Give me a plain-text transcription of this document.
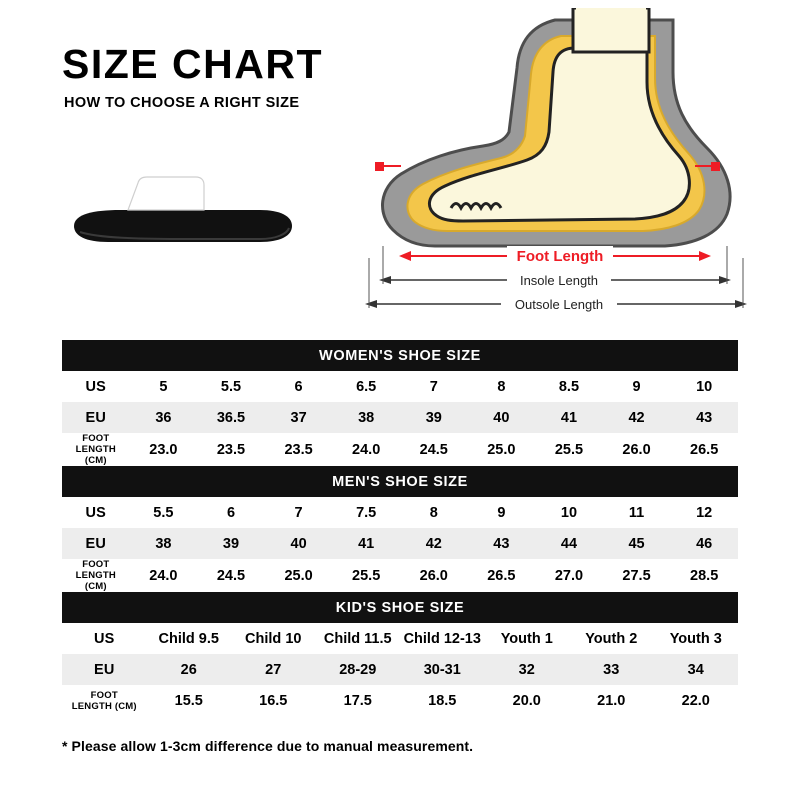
SIZE CHART
HOW TO CHOOSE A RIGHT SIZE
Foot Length
Insole Length
Outsole Length
WOMEN'S SHOE SIZE									
US	5	5.5	6	6.5	7	8	8.5	9	10
EU	36	36.5	37	38	39	40	41	42	43

FOOT
LENGTH (CM)	23.0	23.5	23.5	24.0	24.5	25.0	25.5	26.0	26.5
MEN'S SHOE SIZE									
US	5.5	6	7	7.5	8	9	10	11	12
EU	38	39	40	41	42	43	44	45	46

FOOT
LENGTH (CM)	24.0	24.5	25.0	25.5	26.0	26.5	27.0	27.5	28.5
KID'S SHOE SIZE							
US	Child 9.5	Child 10	Child 11.5	Child 12-13	Youth 1	Youth 2	Youth 3
EU	26	27	28-29	30-31	32	33	34

FOOT
LENGTH (CM)	15.5	16.5	17.5	18.5	20.0	21.0	22.0
* Please allow 1-3cm difference due to manual measurement.
